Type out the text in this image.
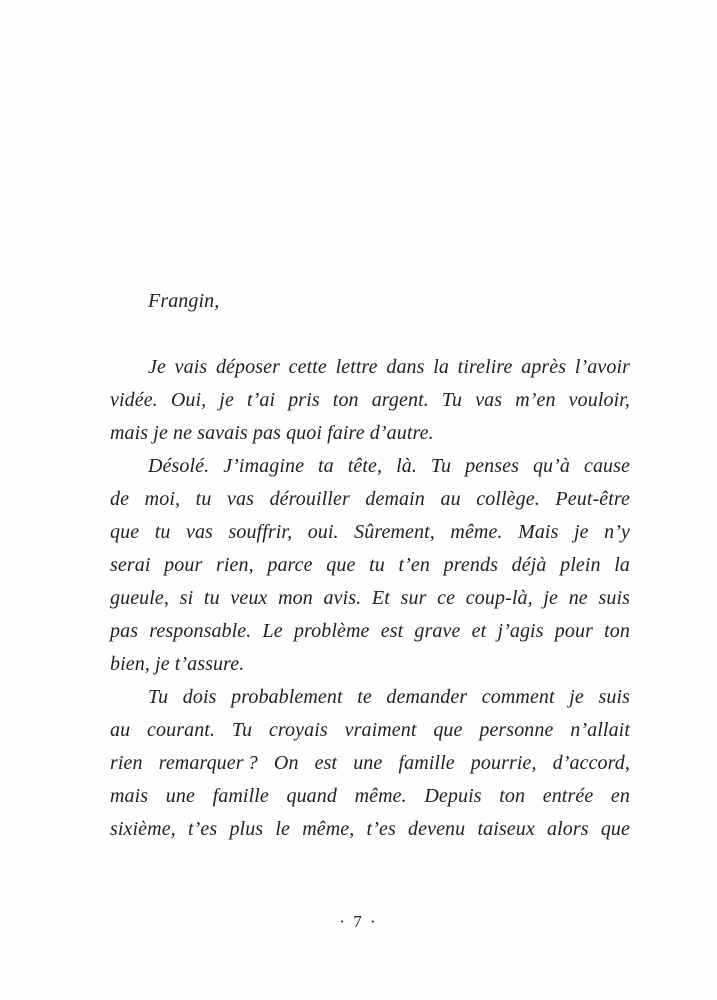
Frangin,
Je vais déposer cette lettre dans la tirelire après l’avoir
vidée. Oui, je t’ai pris ton argent. Tu vas m’en vouloir,
mais je ne savais pas quoi faire d’autre.
Désolé. J’imagine ta tête, là. Tu penses qu’à cause
de moi, tu vas dérouiller demain au collège. Peut-être
que tu vas souffrir, oui. Sûrement, même. Mais je n’y
serai pour rien, parce que tu t’en prends déjà plein la
gueule, si tu veux mon avis. Et sur ce coup-là, je ne suis
pas responsable. Le problème est grave et j’agis pour ton
bien, je t’assure.
Tu dois probablement te demander comment je suis
au courant. Tu croyais vraiment que personne n’allait
rien remarquer ? On est une famille pourrie, d’accord,
mais une famille quand même. Depuis ton entrée en
sixième, t’es plus le même, t’es devenu taiseux alors que
· 7 ·
